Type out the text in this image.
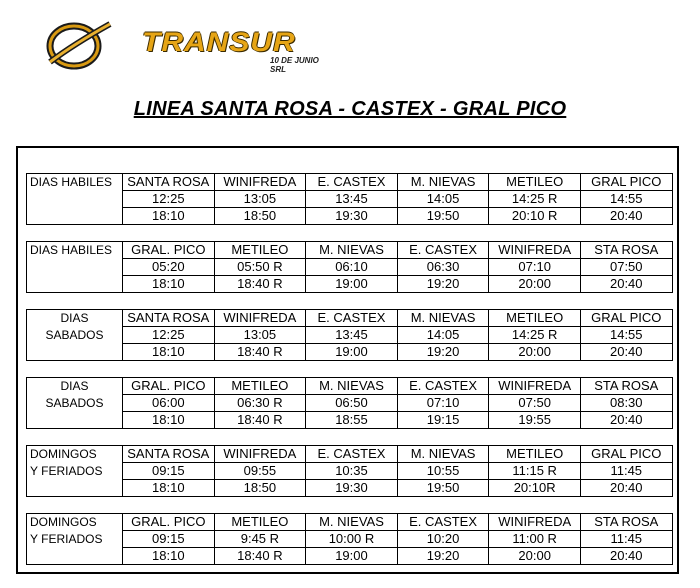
TRANSUR
10 DE JUNIO SRL
LINEA SANTA ROSA - CASTEX - GRAL PICO
DIAS HABILES	SANTA ROSA	WINIFREDA	E. CASTEX	M. NIEVAS	METILEO	GRAL PICO
	12:25	13:05	13:45	14:05	14:25 R	14:55
	18:10	18:50	19:30	19:50	20:10 R	20:40
DIAS HABILES	GRAL. PICO	METILEO	M. NIEVAS	E. CASTEX	WINIFREDA	STA ROSA
	05:20	05:50 R	06:10	06:30	07:10	07:50
	18:10	18:40 R	19:00	19:20	20:00	20:40
DIAS	SANTA ROSA	WINIFREDA	E. CASTEX	M. NIEVAS	METILEO	GRAL PICO
SABADOS	12:25	13:05	13:45	14:05	14:25 R	14:55
	18:10	18:40 R	19:00	19:20	20:00	20:40
DIAS	GRAL. PICO	METILEO	M. NIEVAS	E. CASTEX	WINIFREDA	STA ROSA
SABADOS	06:00	06:30 R	06:50	07:10	07:50	08:30
	18:10	18:40 R	18:55	19:15	19:55	20:40
DOMINGOS	SANTA ROSA	WINIFREDA	E. CASTEX	M. NIEVAS	METILEO	GRAL PICO
Y FERIADOS	09:15	09:55	10:35	10:55	11:15 R	11:45
	18:10	18:50	19:30	19:50	20:10R	20:40
DOMINGOS	GRAL. PICO	METILEO	M. NIEVAS	E. CASTEX	WINIFREDA	STA ROSA
Y FERIADOS	09:15	9:45 R	10:00 R	10:20	11:00 R	11:45
	18:10	18:40 R	19:00	19:20	20:00	20:40
